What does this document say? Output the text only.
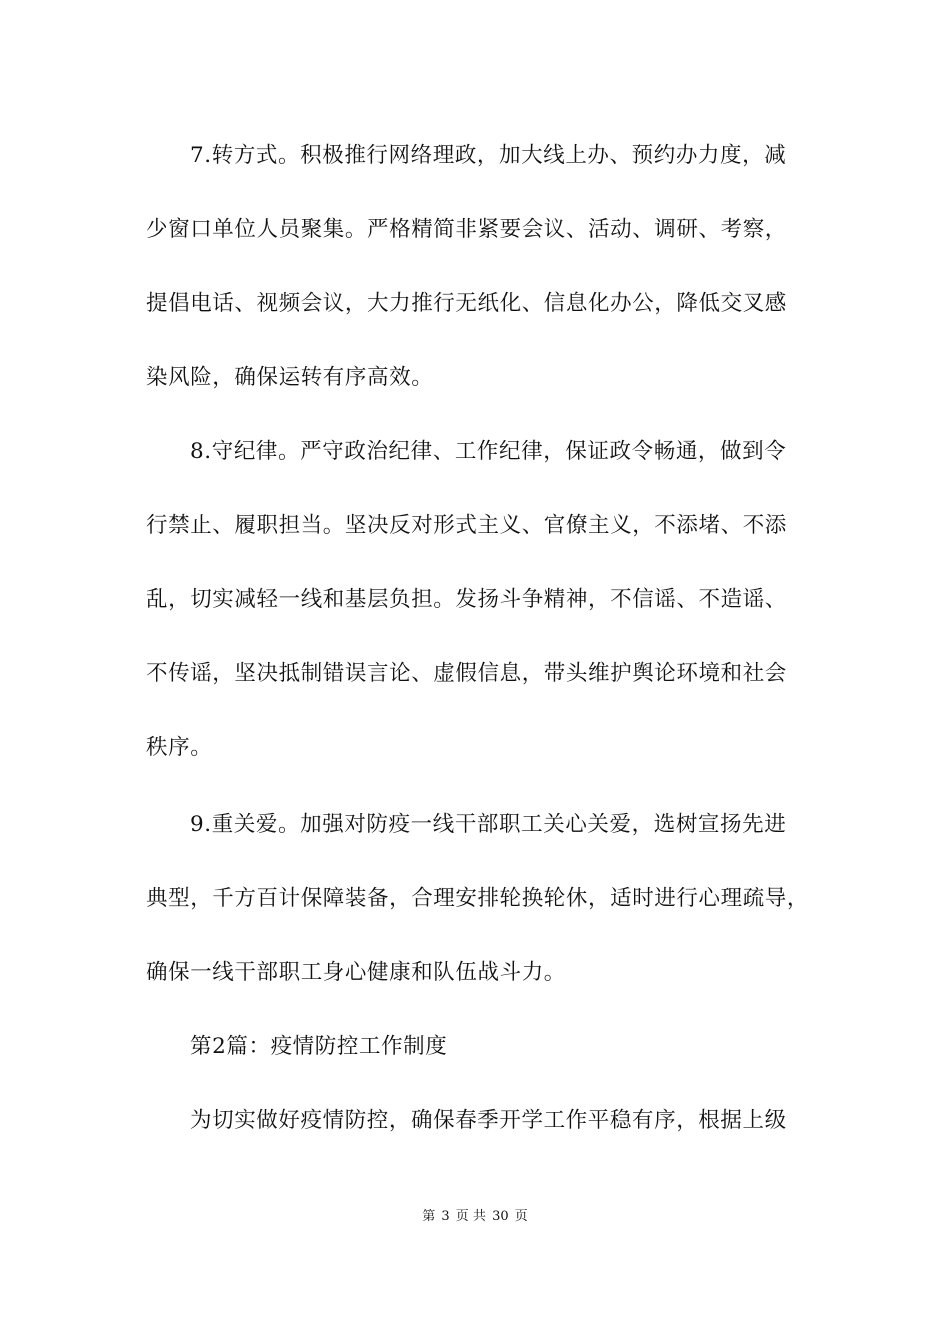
7.转方式。积极推行网络理政，加大线上办、预约办力度，减
少窗口单位人员聚集。严格精简非紧要会议、活动、调研、考察，
提倡电话、视频会议，大力推行无纸化、信息化办公，降低交叉感
染风险，确保运转有序高效。
8.守纪律。严守政治纪律、工作纪律，保证政令畅通，做到令
行禁止、履职担当。坚决反对形式主义、官僚主义，不添堵、不添
乱，切实减轻一线和基层负担。发扬斗争精神，不信谣、不造谣、
不传谣，坚决抵制错误言论、虚假信息，带头维护舆论环境和社会
秩序。
9.重关爱。加强对防疫一线干部职工关心关爱，选树宣扬先进
典型，千方百计保障装备，合理安排轮换轮休，适时进行心理疏导，
确保一线干部职工身心健康和队伍战斗力。
第2篇：疫情防控工作制度
为切实做好疫情防控，确保春季开学工作平稳有序，根据上级
第 3 页 共 30 页
